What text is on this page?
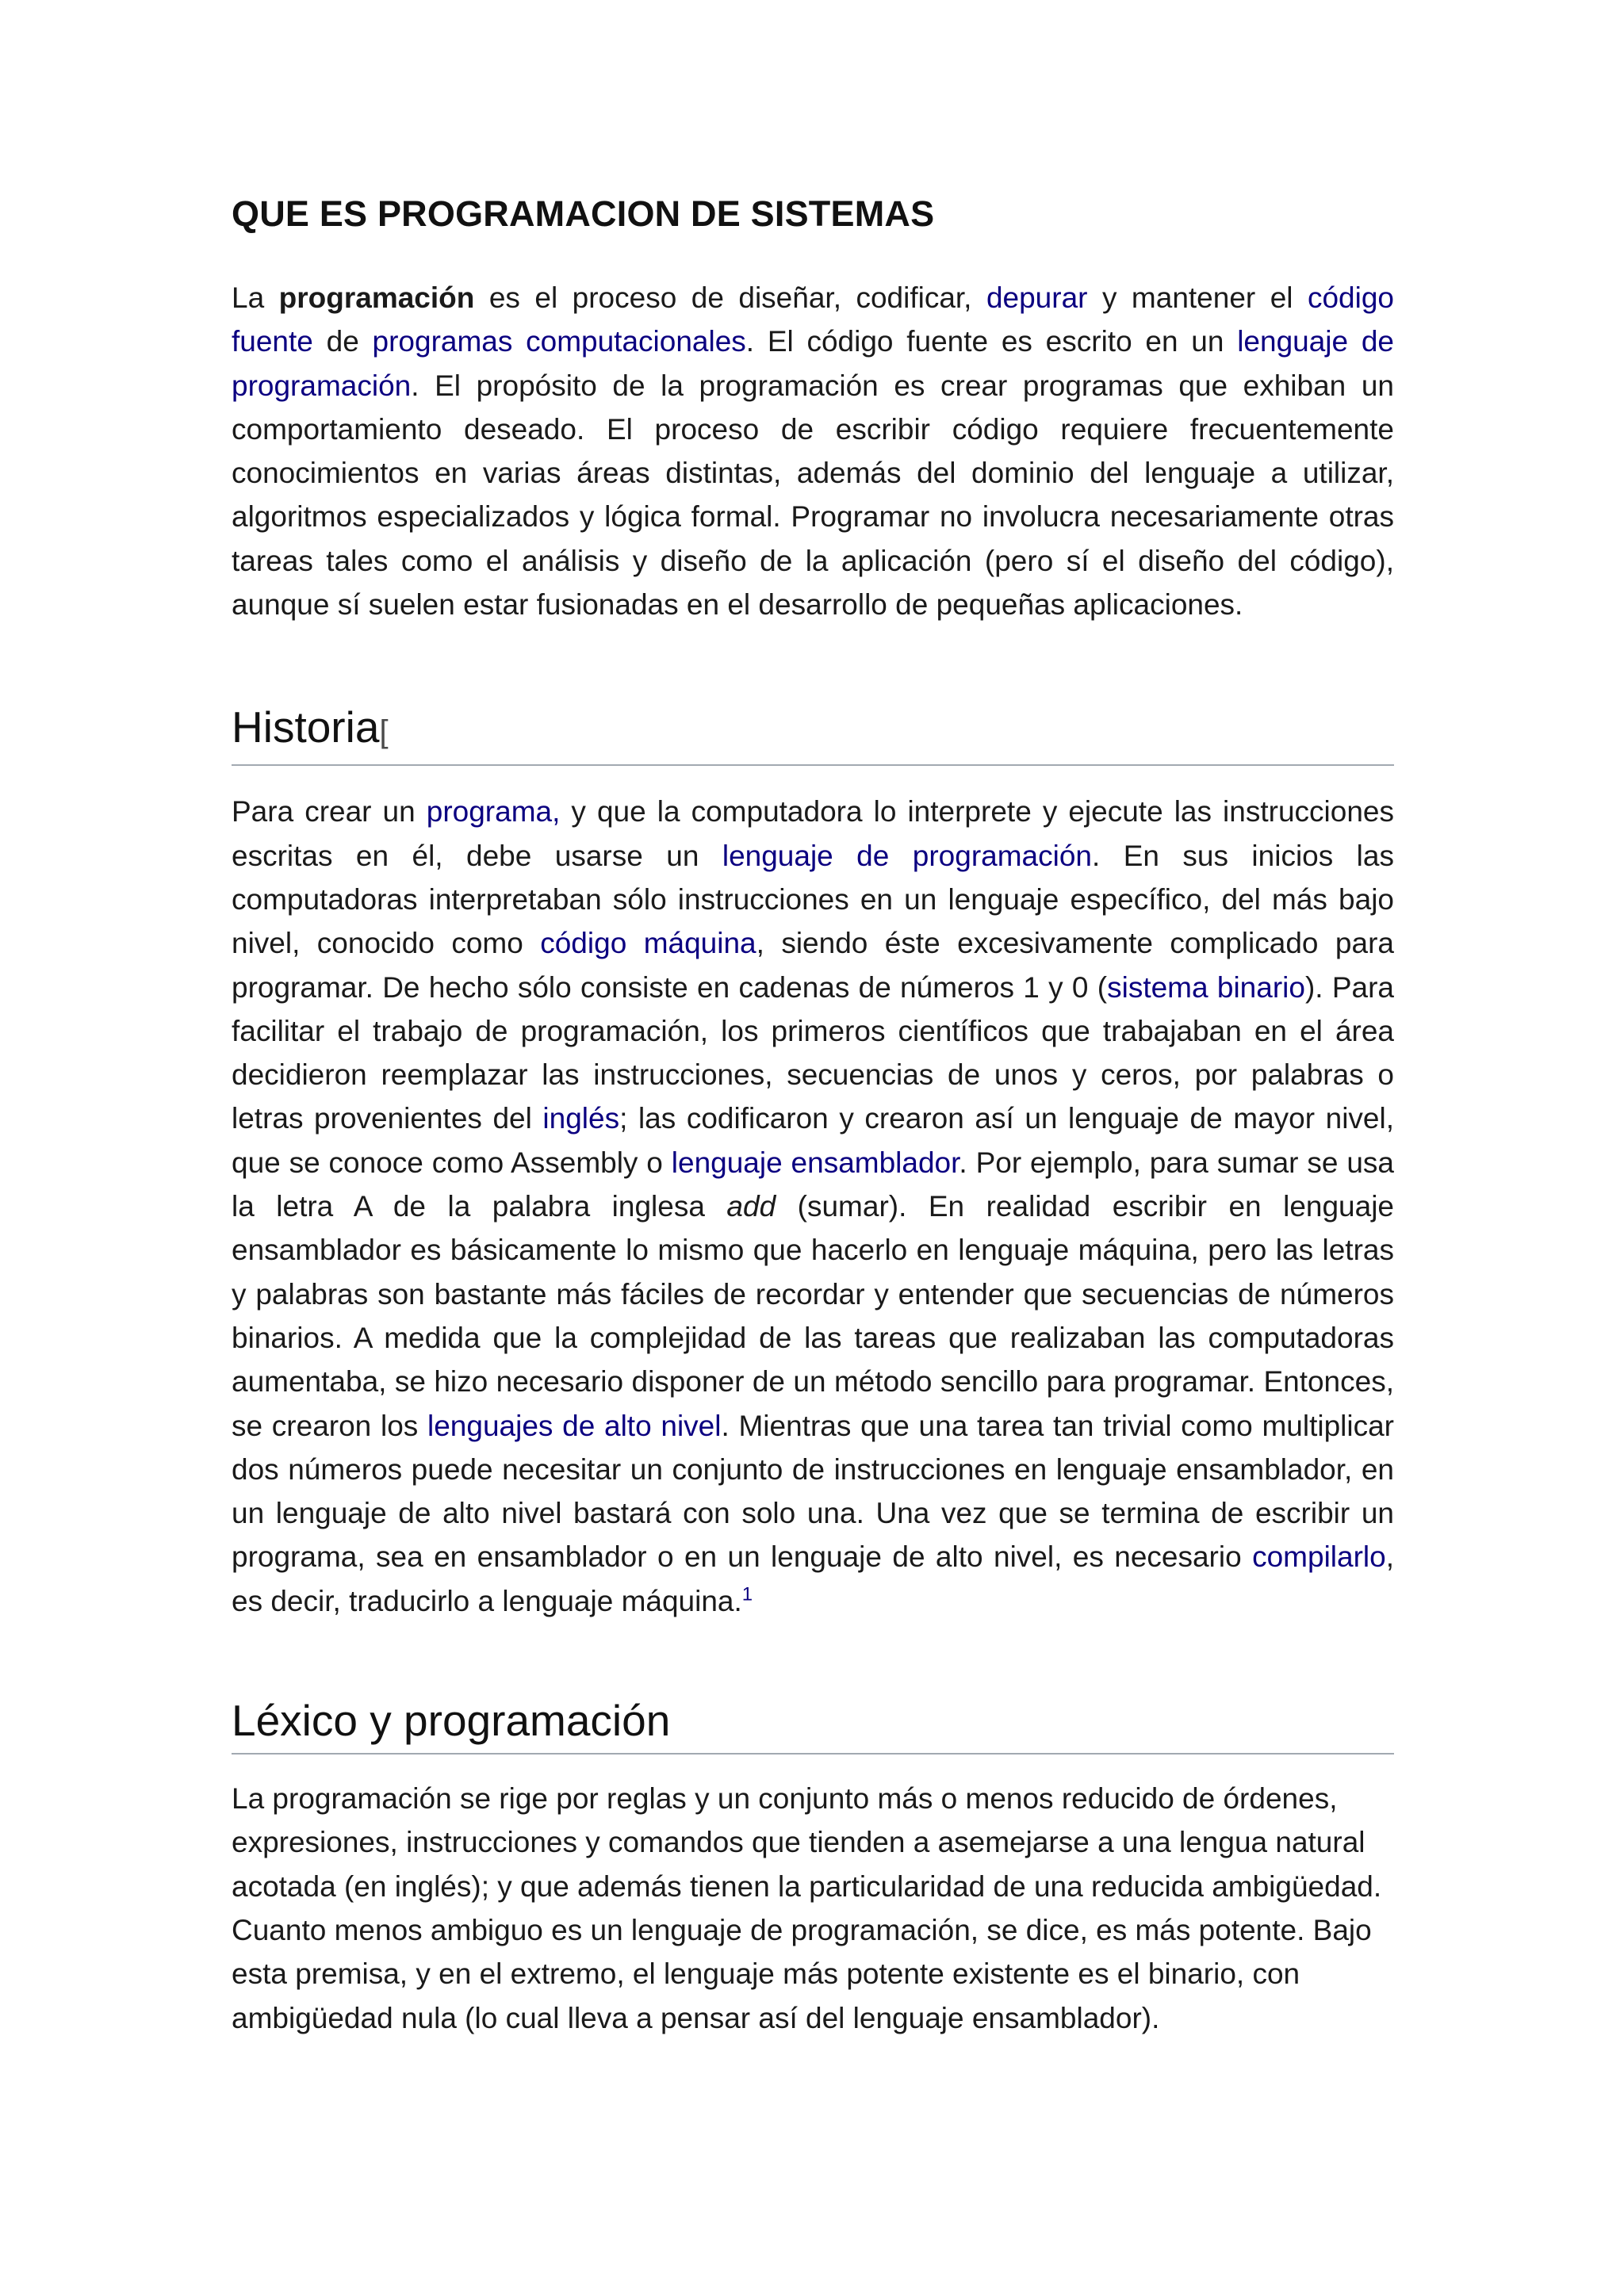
QUE ES PROGRAMACION DE SISTEMAS

La programación es el proceso de diseñar, codificar, depurar y mantener el código fuente de programas computacionales. El código fuente es escrito en un lenguaje de programación. El propósito de la programación es crear programas que exhiban un comportamiento deseado. El proceso de escribir código requiere frecuentemente conocimientos en varias áreas distintas, además del dominio del lenguaje a utilizar, algoritmos especializados y lógica formal. Programar no involucra necesariamente otras tareas tales como el análisis y diseño de la aplicación (pero sí el diseño del código), aunque sí suelen estar fusionadas en el desarrollo de pequeñas aplicaciones.

Historia[

Para crear un programa, y que la computadora lo interprete y ejecute las instrucciones escritas en él, debe usarse un lenguaje de programación. En sus inicios las computadoras interpretaban sólo instrucciones en un lenguaje específico, del más bajo nivel, conocido como código máquina, siendo éste excesivamente complicado para programar. De hecho sólo consiste en cadenas de números 1 y 0 (sistema binario). Para facilitar el trabajo de programación, los primeros científicos que trabajaban en el área decidieron reemplazar las instrucciones, secuencias de unos y ceros, por palabras o letras provenientes del inglés; las codificaron y crearon así un lenguaje de mayor nivel, que se conoce como Assembly o lenguaje ensamblador. Por ejemplo, para sumar se usa la letra A de la palabra inglesa add (sumar). En realidad escribir en lenguaje ensamblador es básicamente lo mismo que hacerlo en lenguaje máquina, pero las letras y palabras son bastante más fáciles de recordar y entender que secuencias de números binarios. A medida que la complejidad de las tareas que realizaban las computadoras aumentaba, se hizo necesario disponer de un método sencillo para programar. Entonces, se crearon los lenguajes de alto nivel. Mientras que una tarea tan trivial como multiplicar dos números puede necesitar un conjunto de instrucciones en lenguaje ensamblador, en un lenguaje de alto nivel bastará con solo una. Una vez que se termina de escribir un programa, sea en ensamblador o en un lenguaje de alto nivel, es necesario compilarlo, es decir, traducirlo a lenguaje máquina.$^1$

Léxico y programación

La programación se rige por reglas y un conjunto más o menos reducido de órdenes, expresiones, instrucciones y comandos que tienden a asemejarse a una lengua natural acotada (en inglés); y que además tienen la particularidad de una reducida ambigüedad. Cuanto menos ambiguo es un lenguaje de programación, se dice, es más potente. Bajo esta premisa, y en el extremo, el lenguaje más potente existente es el binario, con ambigüedad nula (lo cual lleva a pensar así del lenguaje ensamblador).
